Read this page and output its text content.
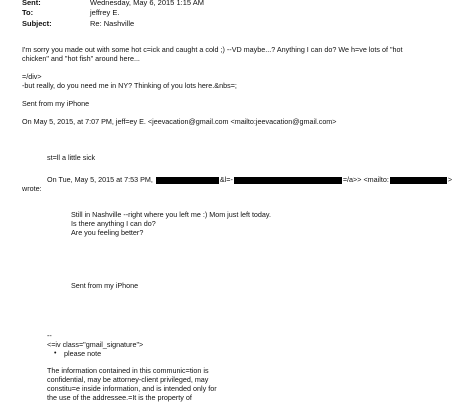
Sent:	Wednesday, May 6, 2015 1:15 AM
To:	jeffrey E.
Subject:	Re: Nashville
I'm sorry you made out with some hot c=ick and caught a cold ;) --VD maybe...? Anything I can do? We h=ve lots of "hot
chicken" and "hot fish" around here...
=/div>
-but really, do you need me in NY? Thinking of you lots here.&nbs=;
Sent from my iPhone
On May 5, 2015, at 7:07 PM, jeff=ey E. <jeevacation@gmail.com <mailto:jeevacation@gmail.com>
st=ll a little sick
On Tue, May 5, 2015 at 7:53 PM,	&l=-	=/a>> <mailto:	>
wrote:
Still in Nashville --right where you left me :) Mom just left today.
Is there anything I can do?
Are you feeling better?
Sent from my iPhone
--
<=iv class="gmail_signature">
• please note
The information contained in this communic=tion is
confidential, may be attorney-client privileged, may
constitu=e inside information, and is intended only for
the use of the addressee.=It is the property of
